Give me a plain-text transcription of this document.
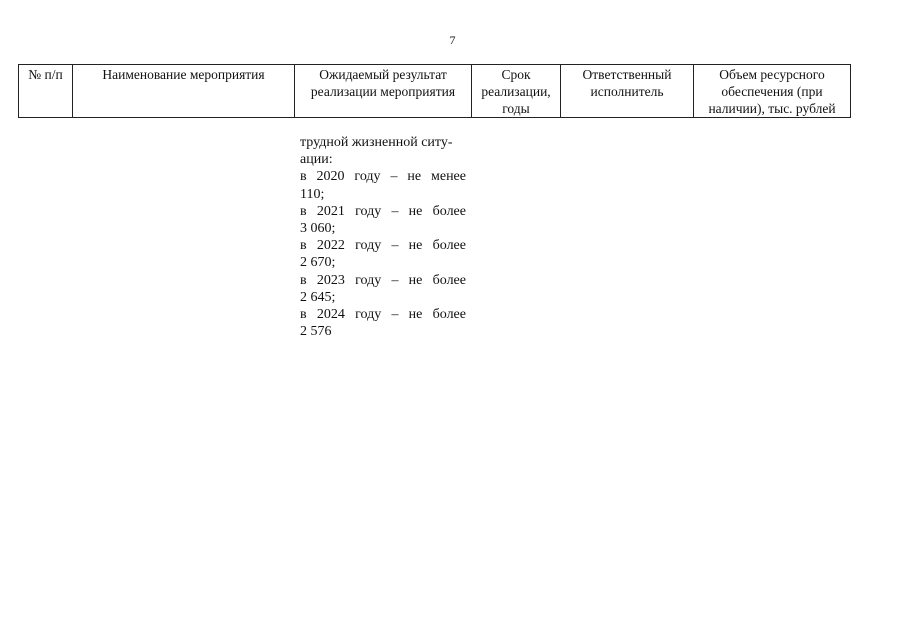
7
№ п/п	Наименование мероприятия	Ожидаемый результат реализации мероприятия	Срок реализации, годы	Ответственный исполнитель	Объем ресурсного обеспечения (при наличии), тыс. рублей
трудной жизненной ситу-
ации:
в 2020 году – не менее
110;
в 2021 году – не более
3 060;
в 2022 году – не более
2 670;
в 2023 году – не более
2 645;
в 2024 году – не более
2 576
